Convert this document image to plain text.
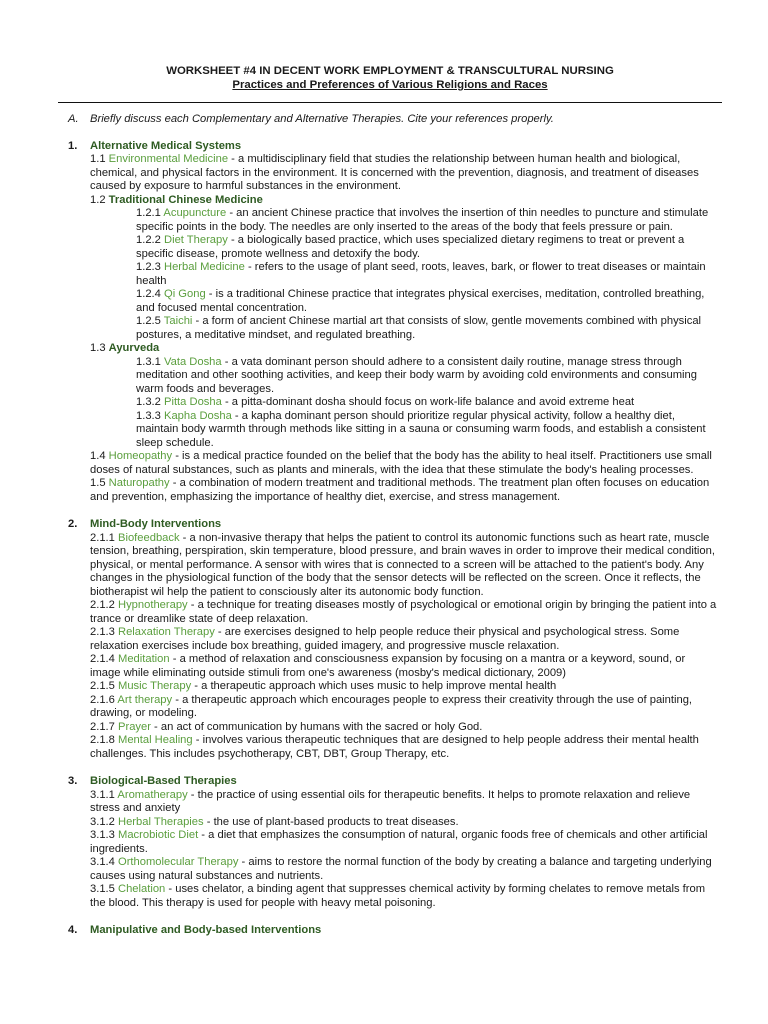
WORKSHEET #4 IN DECENT WORK EMPLOYMENT & TRANSCULTURAL NURSING

Practices and Preferences of Various Religions and Races

A.	Briefly discuss each Complementary and Alternative Therapies. Cite your references properly.
1.	Alternative Medical Systems

1.1 Environmental Medicine - a multidisciplinary field that studies the relationship between human health and biological, chemical, and physical factors in the environment. It is concerned with the prevention, diagnosis, and treatment of diseases caused by exposure to harmful substances in the environment.

1.2 Traditional Chinese Medicine

1.2.1 Acupuncture - an ancient Chinese practice that involves the insertion of thin needles to puncture and stimulate specific points in the body. The needles are only inserted to the areas of the body that feels pressure or pain.

1.2.2 Diet Therapy - a biologically based practice, which uses specialized dietary regimens to treat or prevent a specific disease, promote wellness and detoxify the body.

1.2.3 Herbal Medicine - refers to the usage of plant seed, roots, leaves, bark, or flower to treat diseases or maintain health

1.2.4 Qi Gong - is a traditional Chinese practice that integrates physical exercises, meditation, controlled breathing, and focused mental concentration.

1.2.5 Taichi - a form of ancient Chinese martial art that consists of slow, gentle movements combined with physical postures, a meditative mindset, and regulated breathing.

1.3 Ayurveda

1.3.1 Vata Dosha - a vata dominant person should adhere to a consistent daily routine, manage stress through meditation and other soothing activities, and keep their body warm by avoiding cold environments and consuming warm foods and beverages.

1.3.2 Pitta Dosha - a pitta-dominant dosha should focus on work-life balance and avoid extreme heat

1.3.3 Kapha Dosha - a kapha dominant person should prioritize regular physical activity, follow a healthy diet, maintain body warmth through methods like sitting in a sauna or consuming warm foods, and establish a consistent sleep schedule.

1.4 Homeopathy - is a medical practice founded on the belief that the body has the ability to heal itself. Practitioners use small doses of natural substances, such as plants and minerals, with the idea that these stimulate the body's healing processes.

1.5 Naturopathy - a combination of modern treatment and traditional methods. The treatment plan often focuses on education and prevention, emphasizing the importance of healthy diet, exercise, and stress management.

2.	Mind-Body Interventions

2.1.1 Biofeedback - a non-invasive therapy that helps the patient to control its autonomic functions such as heart rate, muscle tension, breathing, perspiration, skin temperature, blood pressure, and brain waves in order to improve their medical condition, physical, or mental performance. A sensor with wires that is connected to a screen will be attached to the patient's body. Any changes in the physiological function of the body that the sensor detects will be reflected on the screen. Once it reflects, the biotherapist wil help the patient to consciously alter its autonomic body function.

2.1.2 Hypnotherapy - a technique for treating diseases mostly of psychological or emotional origin by bringing the patient into a trance or dreamlike state of deep relaxation.

2.1.3 Relaxation Therapy - are exercises designed to help people reduce their physical and psychological stress. Some relaxation exercises include box breathing, guided imagery, and progressive muscle relaxation.

2.1.4 Meditation - a method of relaxation and consciousness expansion by focusing on a mantra or a keyword, sound, or image while eliminating outside stimuli from one's awareness (mosby's medical dictionary, 2009)

2.1.5 Music Therapy - a therapeutic approach which uses music to help improve mental health

2.1.6 Art therapy - a therapeutic approach which encourages people to express their creativity through the use of painting, drawing, or modeling.

2.1.7 Prayer - an act of communication by humans with the sacred or holy God.

2.1.8 Mental Healing - involves various therapeutic techniques that are designed to help people address their mental health challenges. This includes psychotherapy, CBT, DBT, Group Therapy, etc.

3.	Biological-Based Therapies

3.1.1 Aromatherapy - the practice of using essential oils for therapeutic benefits. It helps to promote relaxation and relieve stress and anxiety

3.1.2 Herbal Therapies - the use of plant-based products to treat diseases.

3.1.3 Macrobiotic Diet - a diet that emphasizes the consumption of natural, organic foods free of chemicals and other artificial ingredients.

3.1.4 Orthomolecular Therapy - aims to restore the normal function of the body by creating a balance and targeting underlying causes using natural substances and nutrients.

3.1.5 Chelation - uses chelator, a binding agent that suppresses chemical activity by forming chelates to remove metals from the blood. This therapy is used for people with heavy metal poisoning.

4.	Manipulative and Body-based Interventions
